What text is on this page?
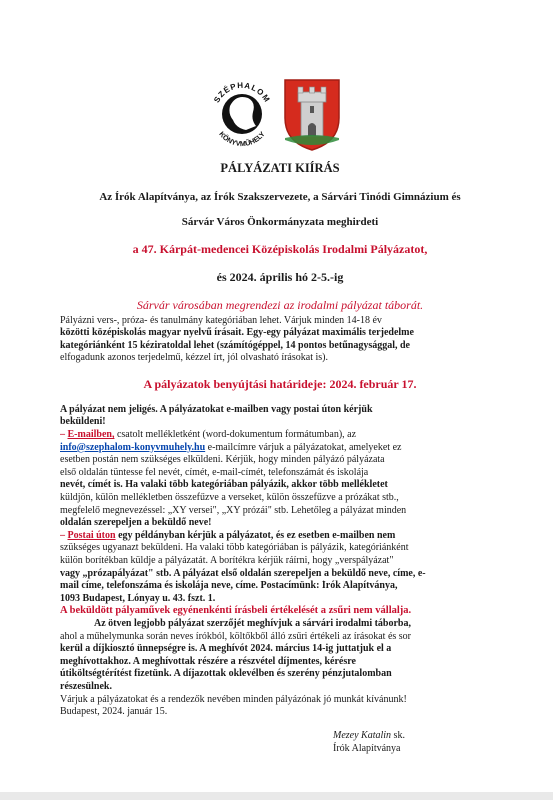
SZÉPHALOM
KÖNYVMŰHELY

PÁLYÁZATI KIÍRÁS

Az Írók Alapítványa, az Írók Szakszervezete, a Sárvári Tinódi Gimnázium és

Sárvár Város Önkormányzata meghirdeti

a 47. Kárpát-medencei Középiskolás Irodalmi Pályázatot,

és 2024. április hó 2-5.-ig

Sárvár városában megrendezi az irodalmi pályázat táborát.

Pályázni vers-, próza- és tanulmány kategóriában lehet. Várjuk minden 14-18 év

közötti középiskolás magyar nyelvű írásait. Egy-egy pályázat maximális terjedelme

kategóriánként 15 kéziratoldal lehet (számítógéppel, 14 pontos betűnagysággal, de

elfogadunk azonos terjedelmű, kézzel írt, jól olvasható írásokat is).

A pályázatok benyújtási határideje: 2024. február 17.

A pályázat nem jeligés. A pályázatokat e-mailben vagy postai úton kérjük

beküldeni!

– E-mailben, csatolt mellékletként (word-dokumentum formátumban), az

info@szephalom-konyvmuhely.hu e-mailcímre várjuk a pályázatokat, amelyeket ez

esetben postán nem szükséges elküldeni. Kérjük, hogy minden pályázó pályázata

első oldalán tüntesse fel nevét, címét, e-mail-címét, telefonszámát és iskolája

nevét, címét is. Ha valaki több kategóriában pályázik, akkor több mellékletet

küldjön, külön mellékletben összefűzve a verseket, külön összefűzve a prózákat stb.,

megfelelő megnevezéssel: „XY versei", „XY prózái" stb. Lehetőleg a pályázat minden

oldalán szerepeljen a beküldő neve!

– Postai úton egy példányban kérjük a pályázatot, és ez esetben e-mailben nem

szükséges ugyanazt beküldeni. Ha valaki több kategóriában is pályázik, kategóriánként

külön borítékban küldje a pályázatát. A borítékra kérjük ráírni, hogy „verspályázat"

vagy „prózapályázat" stb. A pályázat első oldalán szerepeljen a beküldő neve, címe, e-

mail címe, telefonszáma és iskolája neve, címe. Postacímünk: Írók Alapítványa,

1093 Budapest, Lónyay u. 43. fszt. 1.

A beküldött pályaművek egyénenkénti írásbeli értékelését a zsűri nem vállalja.

Az ötven legjobb pályázat szerzőjét meghívjuk a sárvári irodalmi táborba,

ahol a műhelymunka során neves írókból, költőkből álló zsűri értékeli az írásokat és sor

kerül a díjkiosztó ünnepségre is. A meghívót 2024. március 14-ig juttatjuk el a

meghívottakhoz. A meghívottak részére a részvétel díjmentes, kérésre

útiköltségtérítést fizetünk. A díjazottak oklevélben és szerény pénzjutalomban

részesülnek.

Várjuk a pályázatokat és a rendezők nevében minden pályázónak jó munkát kívánunk!

Budapest, 2024. január 15.

Mezey Katalin sk.
Írók Alapítványa
